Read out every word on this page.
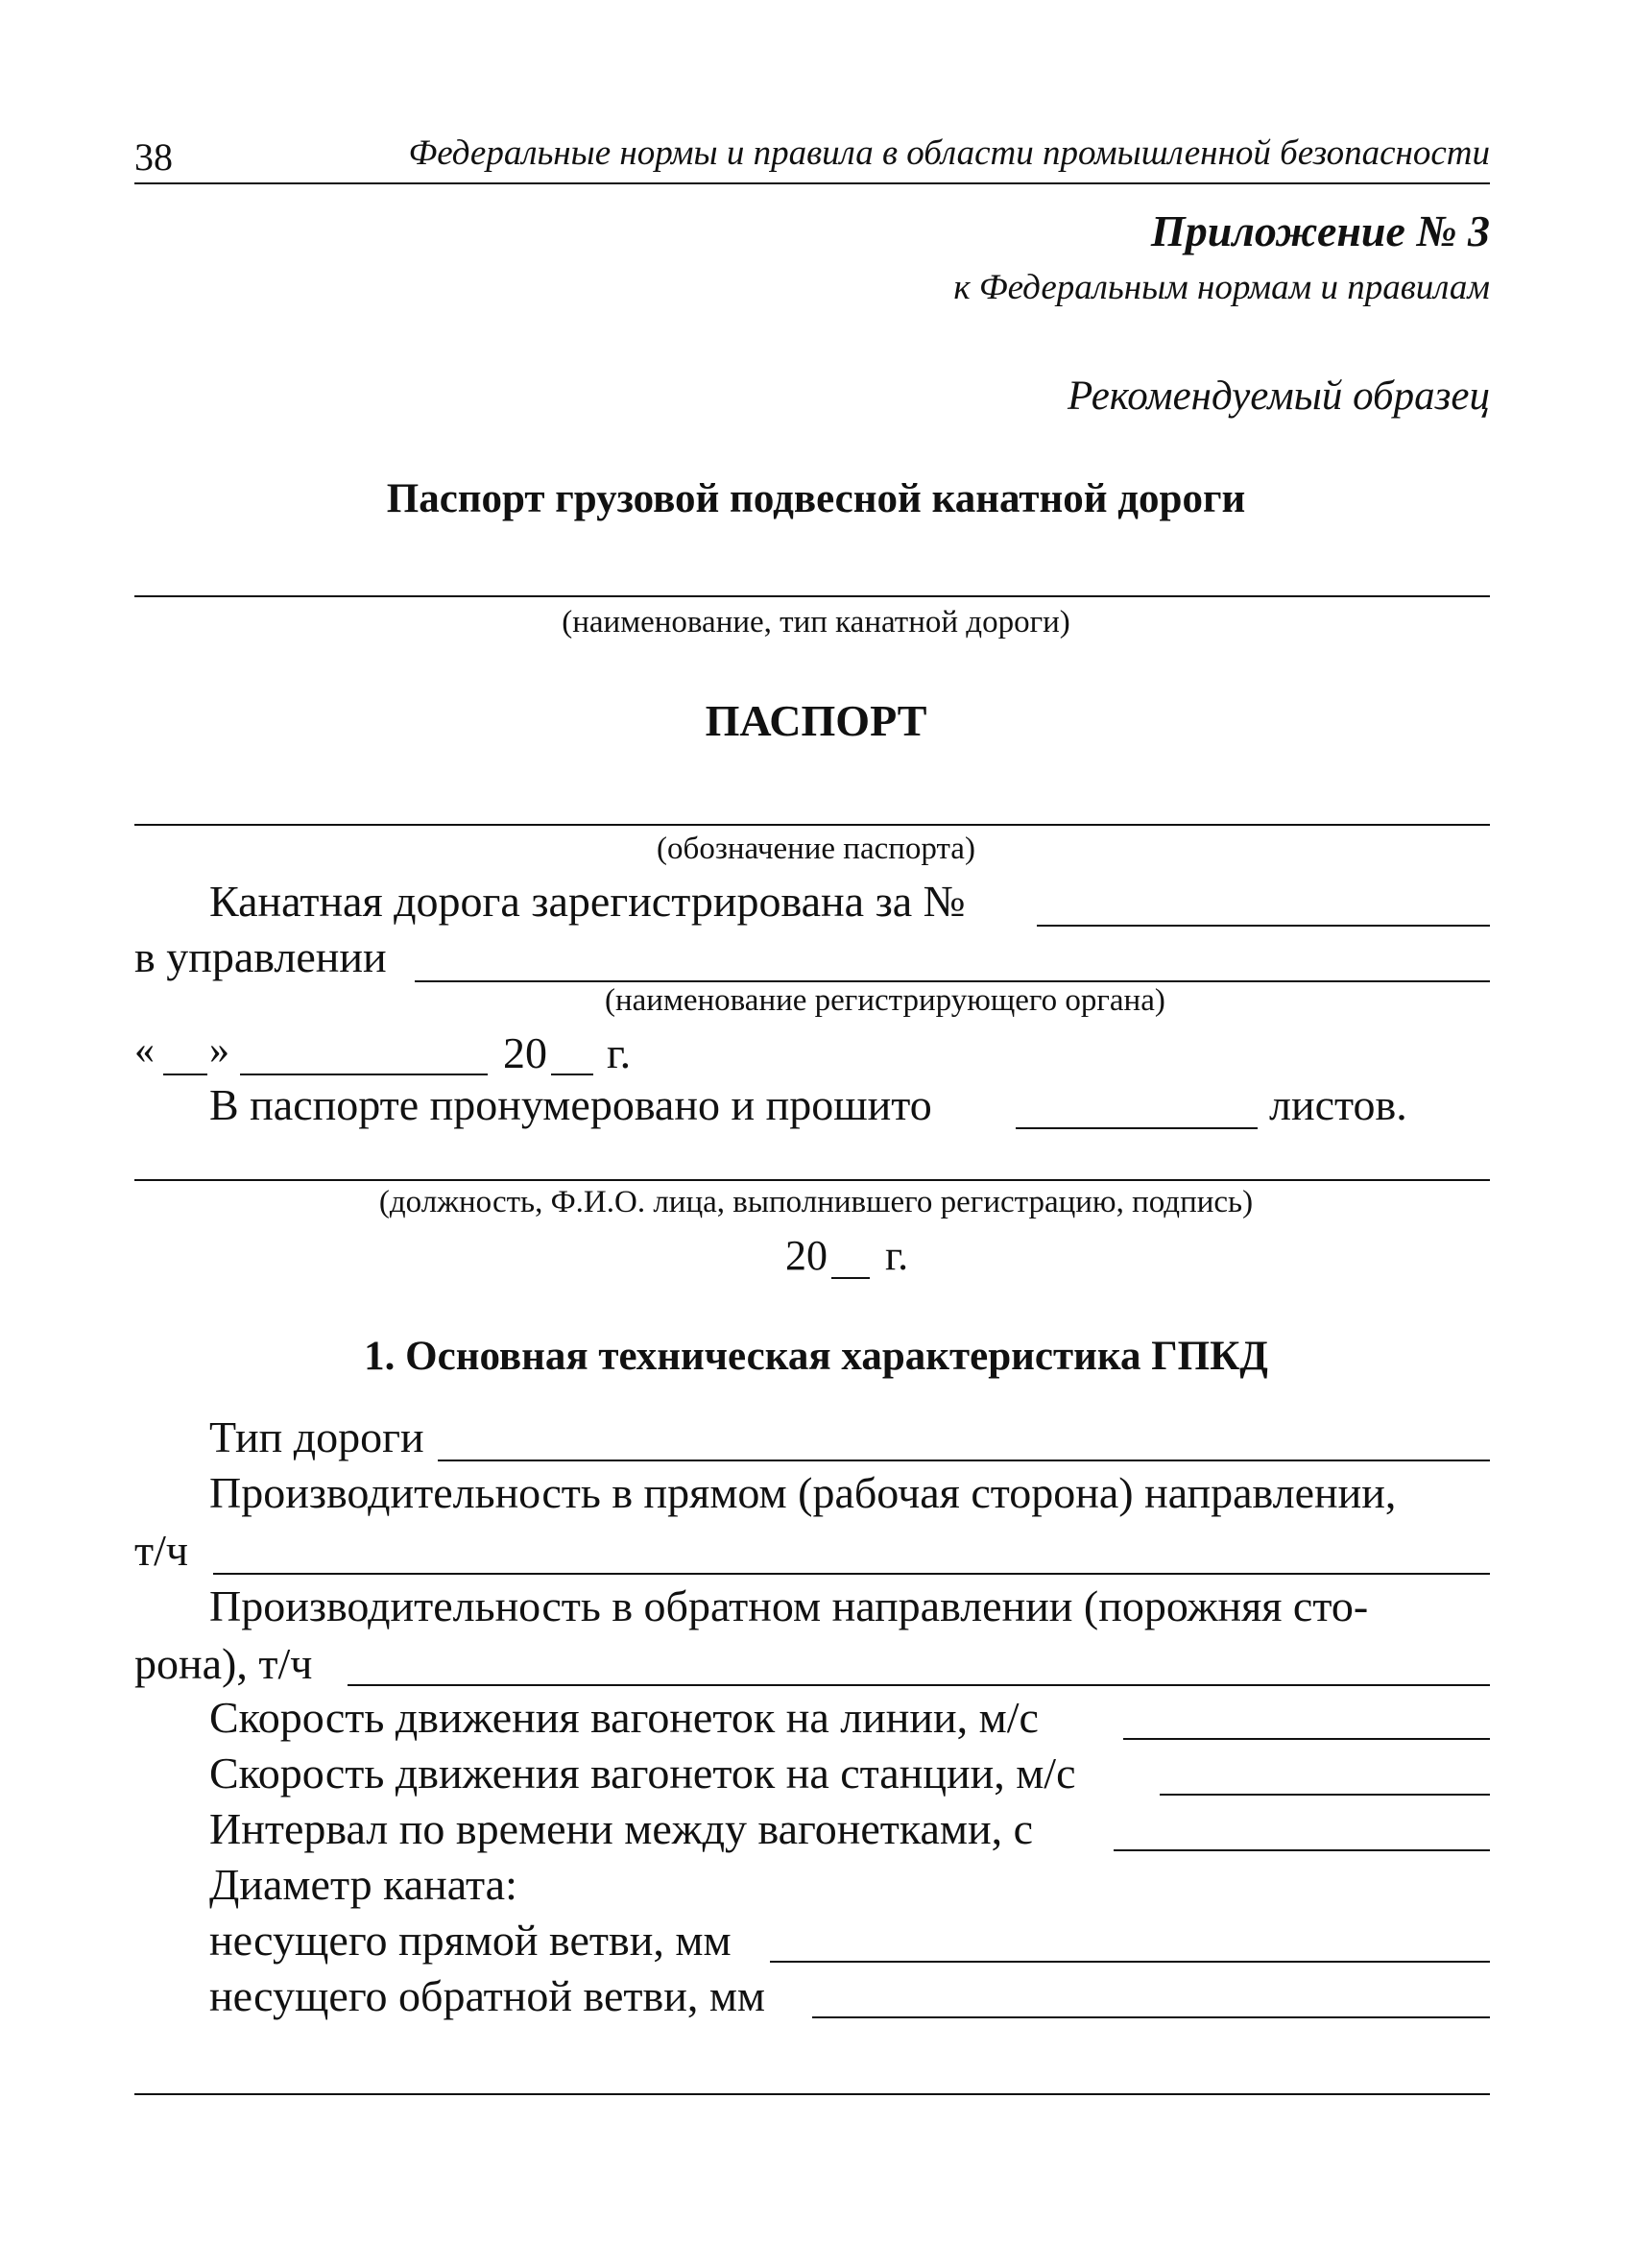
38	Федеральные нормы и правила в области промышленной безопасности
Приложение № 3
к Федеральным нормам и правилам
Рекомендуемый образец
Паспорт грузовой подвесной канатной дороги
(наименование, тип канатной дороги)
ПАСПОРТ
(обозначение паспорта)
Канатная дорога зарегистрирована за №
в управлении
(наименование регистрирующего органа)
« »	20 г.
В паспорте пронумеровано и прошито	листов.
(должность, Ф.И.О. лица, выполнившего регистрацию, подпись)
20 г.
1. Основная техническая характеристика ГПКД
Тип дороги
Производительность в прямом (рабочая сторона) направлении,
т/ч
Производительность в обратном направлении (порожняя сто-
рона), т/ч
Скорость движения вагонеток на линии, м/с
Скорость движения вагонеток на станции, м/с
Интервал по времени между вагонетками, с
Диаметр каната:
несущего прямой ветви, мм
несущего обратной ветви, мм
